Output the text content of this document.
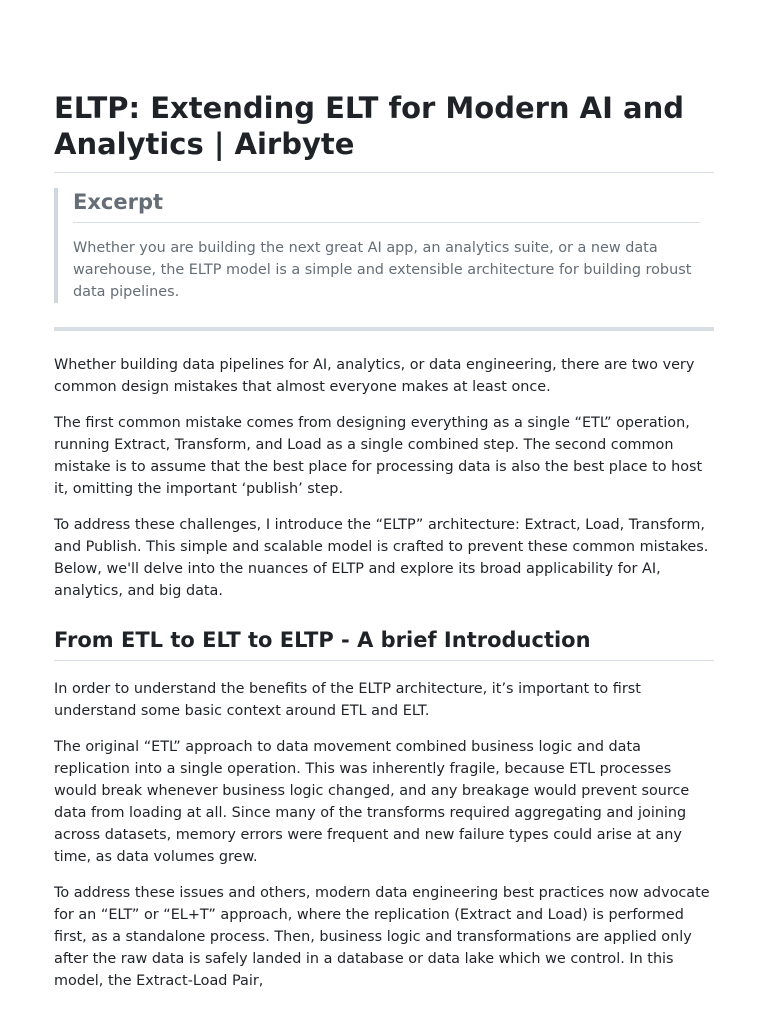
ELTP: Extending ELT for Modern AI and Analytics | Airbyte
Excerpt

Whether you are building the next great AI app, an analytics suite, or a new data warehouse, the ELTP model is a simple and extensible architecture for building robust data pipelines.

Whether building data pipelines for AI, analytics, or data engineering, there are two very common design mistakes that almost everyone makes at least once.

The first common mistake comes from designing everything as a single “ETL” operation, running Extract, Transform, and Load as a single combined step. The second common mistake is to assume that the best place for processing data is also the best place to host it, omitting the important ‘publish’ step.

To address these challenges, I introduce the “ELTP” architecture: Extract, Load, Transform, and Publish. This simple and scalable model is crafted to prevent these common mistakes. Below, we'll delve into the nuances of ELTP and explore its broad applicability for AI, analytics, and big data.

From ETL to ELT to ELTP - A brief Introduction

In order to understand the benefits of the ELTP architecture, it’s important to first understand some basic context around ETL and ELT.

The original “ETL” approach to data movement combined business logic and data replication into a single operation. This was inherently fragile, because ETL processes would break whenever business logic changed, and any breakage would prevent source data from loading at all. Since many of the transforms required aggregating and joining across datasets, memory errors were frequent and new failure types could arise at any time, as data volumes grew.

To address these issues and others, modern data engineering best practices now advocate for an “ELT” or “EL+T” approach, where the replication (Extract and Load) is performed first, as a standalone process. Then, business logic and transformations are applied only after the raw data is safely landed in a database or data lake which we control. In this model, the Extract-Load Pair,
